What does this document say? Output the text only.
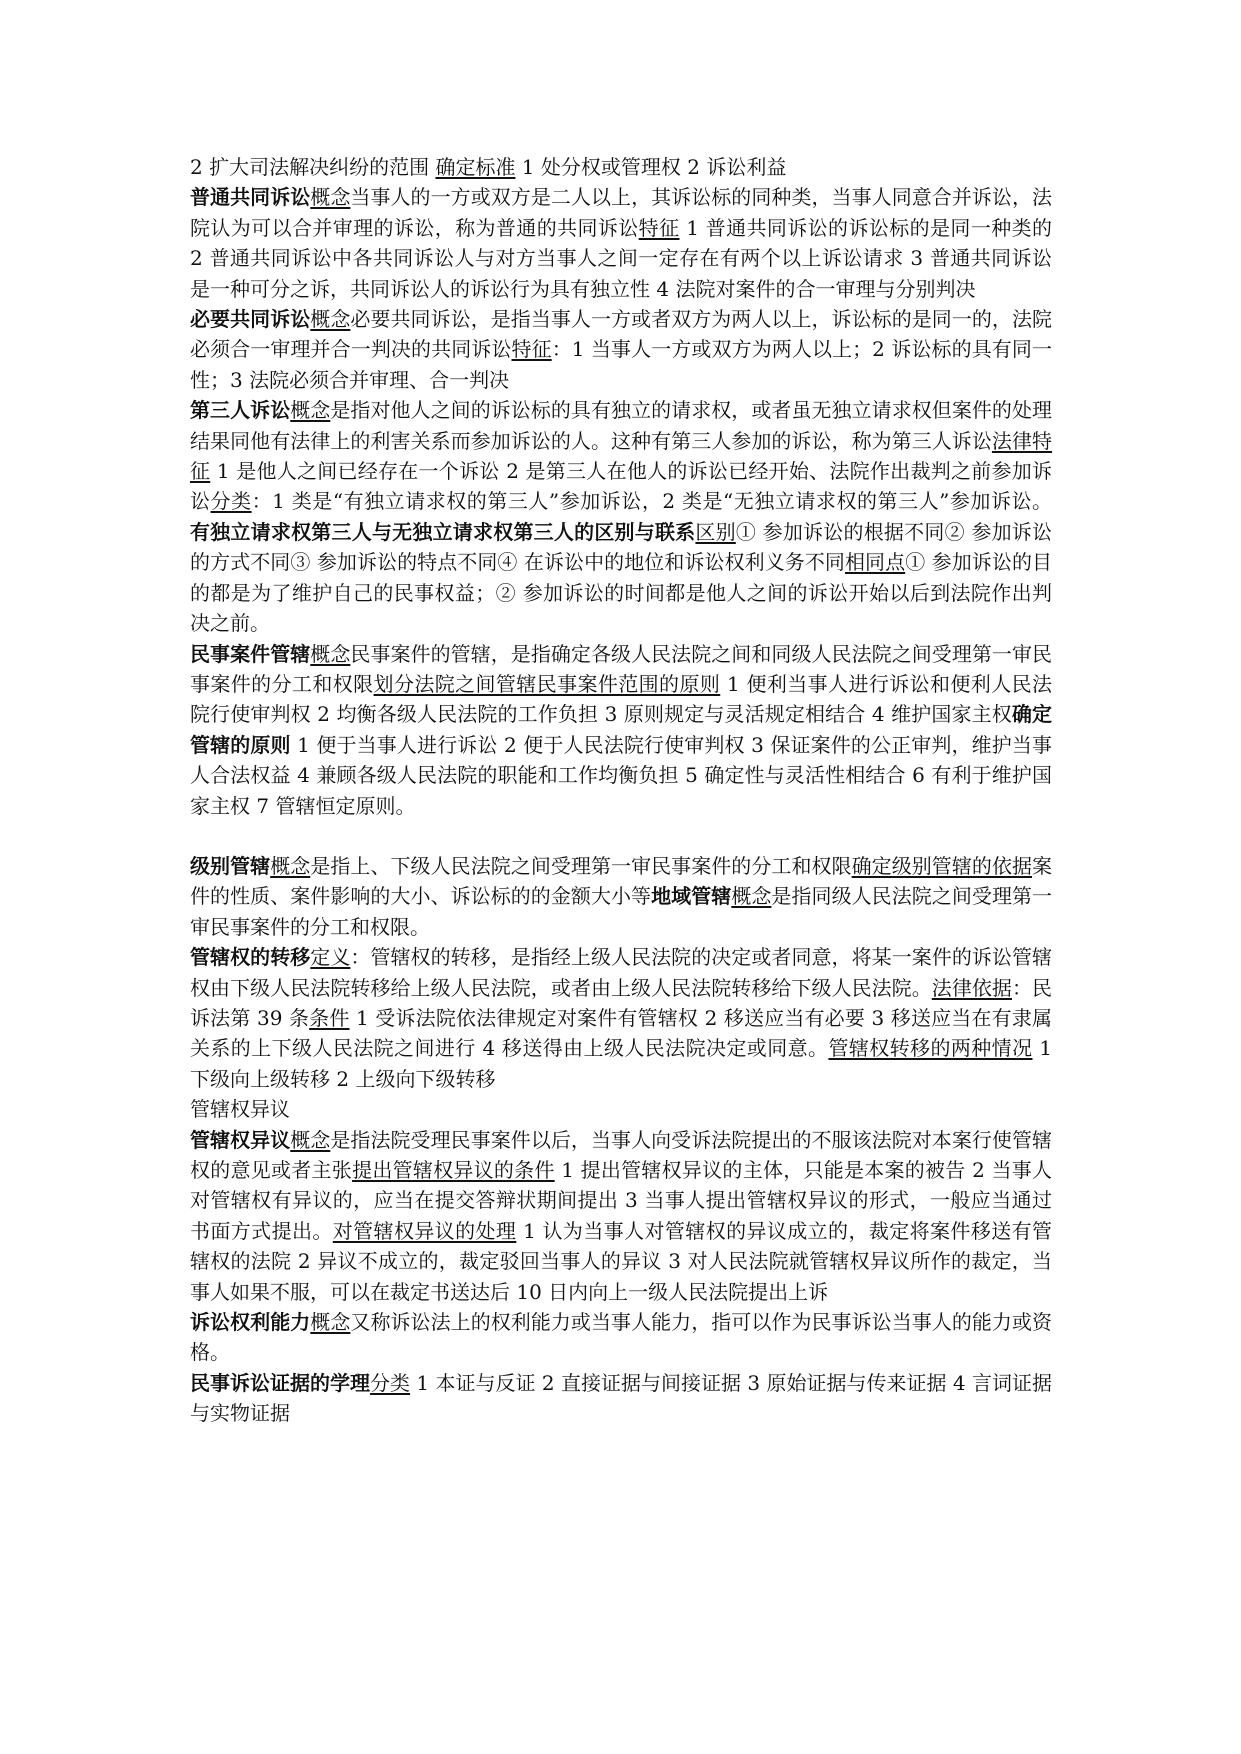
2 扩大司法解决纠纷的范围 确定标准 1 处分权或管理权 2 诉讼利益

普通共同诉讼概念当事人的一方或双方是二人以上，其诉讼标的同种类，当事人同意合并诉讼，法院认为可以合并审理的诉讼，称为普通的共同诉讼特征 1 普通共同诉讼的诉讼标的是同一种类的 2 普通共同诉讼中各共同诉讼人与对方当事人之间一定存在有两个以上诉讼请求 3 普通共同诉讼是一种可分之诉，共同诉讼人的诉讼行为具有独立性 4 法院对案件的合一审理与分别判决

必要共同诉讼概念必要共同诉讼，是指当事人一方或者双方为两人以上，诉讼标的是同一的，法院必须合一审理并合一判决的共同诉讼特征：1 当事人一方或双方为两人以上；2 诉讼标的具有同一性；3 法院必须合并审理、合一判决

第三人诉讼概念是指对他人之间的诉讼标的具有独立的请求权，或者虽无独立请求权但案件的处理结果同他有法律上的利害关系而参加诉讼的人。这种有第三人参加的诉讼，称为第三人诉讼法律特征 1 是他人之间已经存在一个诉讼 2 是第三人在他人的诉讼已经开始、法院作出裁判之前参加诉讼分类：1 类是“有独立请求权的第三人”参加诉讼，2 类是“无独立请求权的第三人”参加诉讼。 有独立请求权第三人与无独立请求权第三人的区别与联系区别① 参加诉讼的根据不同② 参加诉讼的方式不同③ 参加诉讼的特点不同④ 在诉讼中的地位和诉讼权利义务不同相同点① 参加诉讼的目的都是为了维护自己的民事权益；② 参加诉讼的时间都是他人之间的诉讼开始以后到法院作出判决之前。

民事案件管辖概念民事案件的管辖，是指确定各级人民法院之间和同级人民法院之间受理第一审民事案件的分工和权限划分法院之间管辖民事案件范围的原则 1 便利当事人进行诉讼和便利人民法院行使审判权 2 均衡各级人民法院的工作负担 3 原则规定与灵活规定相结合 4 维护国家主权确定管辖的原则 1 便于当事人进行诉讼 2 便于人民法院行使审判权 3 保证案件的公正审判，维护当事人合法权益 4 兼顾各级人民法院的职能和工作均衡负担 5 确定性与灵活性相结合 6 有利于维护国家主权 7 管辖恒定原则。

级别管辖概念是指上、下级人民法院之间受理第一审民事案件的分工和权限确定级别管辖的依据案件的性质、案件影响的大小、诉讼标的的金额大小等地域管辖概念是指同级人民法院之间受理第一审民事案件的分工和权限。

管辖权的转移定义：管辖权的转移，是指经上级人民法院的决定或者同意，将某一案件的诉讼管辖权由下级人民法院转移给上级人民法院，或者由上级人民法院转移给下级人民法院。法律依据：民诉法第 39 条条件 1 受诉法院依法律规定对案件有管辖权 2 移送应当有必要 3 移送应当在有隶属关系的上下级人民法院之间进行 4 移送得由上级人民法院决定或同意。管辖权转移的两种情况 1 下级向上级转移 2 上级向下级转移

管辖权异议

管辖权异议概念是指法院受理民事案件以后，当事人向受诉法院提出的不服该法院对本案行使管辖权的意见或者主张提出管辖权异议的条件 1 提出管辖权异议的主体，只能是本案的被告 2 当事人对管辖权有异议的，应当在提交答辩状期间提出 3 当事人提出管辖权异议的形式，一般应当通过书面方式提出。对管辖权异议的处理 1 认为当事人对管辖权的异议成立的，裁定将案件移送有管辖权的法院 2 异议不成立的，裁定驳回当事人的异议 3 对人民法院就管辖权异议所作的裁定，当事人如果不服，可以在裁定书送达后 10 日内向上一级人民法院提出上诉

诉讼权利能力概念又称诉讼法上的权利能力或当事人能力，指可以作为民事诉讼当事人的能力或资格。

民事诉讼证据的学理分类 1 本证与反证 2 直接证据与间接证据 3 原始证据与传来证据 4 言词证据与实物证据
